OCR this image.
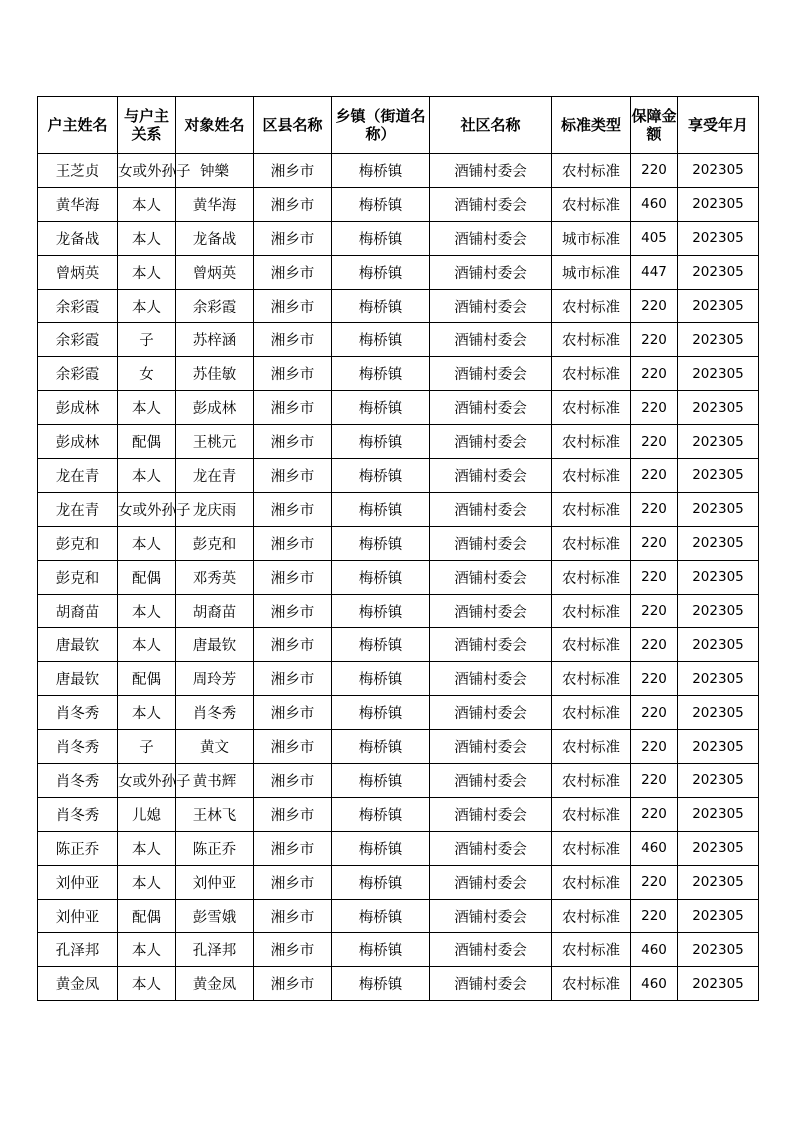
户主姓名	与户主关系	对象姓名	区县名称	乡镇（街道名称）	社区名称	标准类型	保障金额	享受年月
王芝贞	女或外孙子	钟樂	湘乡市	梅桥镇	酒铺村委会	农村标准	220	202305
黄华海	本人	黄华海	湘乡市	梅桥镇	酒铺村委会	农村标准	460	202305
龙备战	本人	龙备战	湘乡市	梅桥镇	酒铺村委会	城市标准	405	202305
曾炳英	本人	曾炳英	湘乡市	梅桥镇	酒铺村委会	城市标准	447	202305
余彩霞	本人	余彩霞	湘乡市	梅桥镇	酒铺村委会	农村标准	220	202305
余彩霞	子	苏梓涵	湘乡市	梅桥镇	酒铺村委会	农村标准	220	202305
余彩霞	女	苏佳敏	湘乡市	梅桥镇	酒铺村委会	农村标准	220	202305
彭成林	本人	彭成林	湘乡市	梅桥镇	酒铺村委会	农村标准	220	202305
彭成林	配偶	王桃元	湘乡市	梅桥镇	酒铺村委会	农村标准	220	202305
龙在青	本人	龙在青	湘乡市	梅桥镇	酒铺村委会	农村标准	220	202305
龙在青	女或外孙子	龙庆雨	湘乡市	梅桥镇	酒铺村委会	农村标准	220	202305
彭克和	本人	彭克和	湘乡市	梅桥镇	酒铺村委会	农村标准	220	202305
彭克和	配偶	邓秀英	湘乡市	梅桥镇	酒铺村委会	农村标准	220	202305
胡裔苗	本人	胡裔苗	湘乡市	梅桥镇	酒铺村委会	农村标准	220	202305
唐最钦	本人	唐最钦	湘乡市	梅桥镇	酒铺村委会	农村标准	220	202305
唐最钦	配偶	周玲芳	湘乡市	梅桥镇	酒铺村委会	农村标准	220	202305
肖冬秀	本人	肖冬秀	湘乡市	梅桥镇	酒铺村委会	农村标准	220	202305
肖冬秀	子	黄文	湘乡市	梅桥镇	酒铺村委会	农村标准	220	202305
肖冬秀	女或外孙子	黄书辉	湘乡市	梅桥镇	酒铺村委会	农村标准	220	202305
肖冬秀	儿媳	王林飞	湘乡市	梅桥镇	酒铺村委会	农村标准	220	202305
陈正乔	本人	陈正乔	湘乡市	梅桥镇	酒铺村委会	农村标准	460	202305
刘仲亚	本人	刘仲亚	湘乡市	梅桥镇	酒铺村委会	农村标准	220	202305
刘仲亚	配偶	彭雪娥	湘乡市	梅桥镇	酒铺村委会	农村标准	220	202305
孔泽邦	本人	孔泽邦	湘乡市	梅桥镇	酒铺村委会	农村标准	460	202305
黄金凤	本人	黄金凤	湘乡市	梅桥镇	酒铺村委会	农村标准	460	202305
